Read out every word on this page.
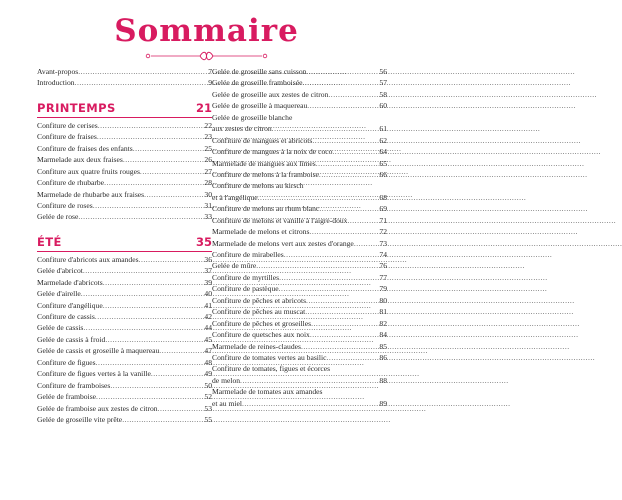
Sommaire
Avant-propos .....	7
Introduction .....	9
PRINTEMPS	21
Confiture de cerises .....	22
Confiture de fraises .....	23
Confiture de fraises des enfants .....	25
Marmelade aux deux fraises .....	26
Confiture aux quatre fruits rouges .....	27
Confiture de rhubarbe .....	28
Marmelade de rhubarbe aux fraises .....	30
Confiture de roses .....	31
Gelée de rose .....	33
ÉTÉ	35
Confiture d'abricots aux amandes .....	36
Gelée d'abricot .....	37
Marmelade d'abricots .....	39
Gelée d'airelle .....	40
Confiture d'angélique .....	41
Confiture de cassis .....	42
Gelée de cassis .....	44
Gelée de cassis à froid .....	45
Gelée de cassis et groseille à maquereau .....	47
Confiture de figues .....	48
Confiture de figues vertes à la vanille .....	49
Confiture de framboises .....	50
Gelée de framboise .....	52
Gelée de framboise aux zestes de citron .....	53
Gelée de groseille vite prête .....	55
Gelée de groseille sans cuisson .....	56
Gelée de groseille framboisée .....	57
Gelée de groseille aux zestes de citron .....	58
Gelée de groseille à maquereau .....	60
Gelée de groseille blanche
aux zestes de citron .....	61
Confiture de mangues et abricots .....	62
Confiture de mangues à la noix de coco .....	64
Marmelade de mangues aux limes .....	65
Confiture de melons à la framboise .....	66
Confiture de melons au kirsch
et à l'angélique .....	68
Confiture de melons au rhum blanc .....	69
Confiture de melons et vanille à l'aigre-doux .....	71
Marmelade de melons et citrons .....	72
Marmelade de melons vert aux zestes d'orange .....	73
Confiture de mirabelles .....	74
Gelée de mûre .....	76
Confiture de myrtilles .....	77
Confiture de pastèque .....	79
Confiture de pêches et abricots .....	80
Confiture de pêches au muscat .....	81
Confiture de pêches et groseilles .....	82
Confiture de quetsches aux noix .....	84
Marmelade de reines-claudes .....	85
Confiture de tomates vertes au basilic .....	86
Confiture de tomates, figues et écorces
de melon .....	88
Marmelade de tomates aux amandes
et au miel .....	89
